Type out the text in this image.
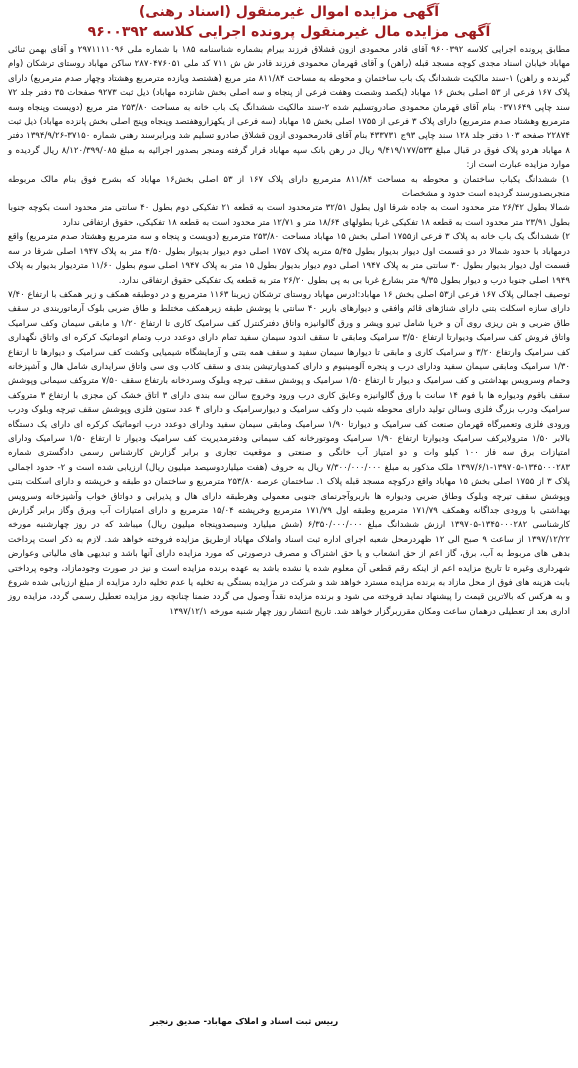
آگهی مزایده اموال غیرمنقول (اسناد رهنی)
آگهی مزایده مال غیرمنقول پرونده اجرایی کلاسه ۹۶۰۰۳۹۲

مطابق پرونده اجرایی کلاسه ۹۶۰۰۳۹۲ آقای قادر محمودی ازون قشلاق فرزند بیرام بشماره شناسنامه ۱۸۵ با شماره ملی ۲۹۷۱۱۱۱۰۹۶ و آقای بهمن ثنائی مهاباد خیابان اسناد مجدی کوچه مسجد قبله (راهن) و آقای قهرمان محمودی فرزند قادر ش ش ۷۱۱ کد ملی ۲۸۷۰۴۷۶۰۵۱ ساکن مهاباد روستای ترشکان (وام گیرنده و راهن) ۱-سند مالکیت ششدانگ یک باب ساختمان و محوطه به مساحت ۸۱۱/۸۴ متر مربع (هشتصد ویازده مترمربع وهشتاد وچهار صدم مترمربع) دارای پلاک ۱۶۷ فرعی از ۵۳ اصلی بخش ۱۶ مهاباد (یکصد وشصت وهفت فرعی از پنجاه و سه اصلی بخش شانزده مهاباد) ذیل ثبت ۹۲۷۳ صفحات ۳۵ دفتر جلد ۷۲ سند چاپی ۰۳۷۱۶۴۹ بنام آقای قهرمان محمودی صادروتسلیم شده ۲-سند مالکیت ششدانگ یک باب خانه به مساحت ۲۵۳/۸۰ متر مربع (دویست وپنجاه وسه مترمربع وهشتاد صدم مترمربع) دارای پلاک ۳ فرعی از ۱۷۵۵ اصلی بخش ۱۵ مهاباد (سه فرعی از یکهزاروهفتصد وپنجاه وپنج اصلی بخش پانزده مهاباد) ذیل ثبت ۲۲۸۷۴ صفحه ۱۰۳ دفتر جلد ۱۲۸ سند چاپی ۹۳ج ۴۳۳۷۳۱ بنام آقای قادرمحمودی ازون قشلاق صادرو تسلیم شد وبرابرسند رهنی شماره ۳۷۱۵۰-۱۳۹۴/۹/۲۶ دفتر ۸ مهاباد هردو پلاک فوق در قبال مبلغ ۹/۴۱۹/۱۷۷/۵۳۳ ریال در رهن بانک سپه مهاباد قرار گرفته ومنجر بصدور اجرائیه به مبلغ ۸/۱۲۰/۳۹۹/۰۸۵ ریال گردیده و موارد مزایده عبارت است از:

۱) ششدانگ یکباب ساختمان و محوطه به مساحت ۸۱۱/۸۴ مترمربع دارای پلاک ۱۶۷ از ۵۳ اصلی بخش۱۶ مهاباد که بشرح فوق بنام مالک مربوطه منجربصدورسند گردیده است حدود و مشخصات

شمالا بطول ۲۶/۴۲ متر محدود است به جاده شرقا اول بطول ۳۲/۵۱ مترمحدود است به قطعه ۲۱ تفکیکی دوم بطول ۴۰ سانتی متر محدود است بکوچه جنوبا بطول ۲۳/۹۱ متر محدود است به قطعه ۱۸ تفکیکی غربا بطولهای ۱۸/۶۴ متر و ۱۲/۷۱ متر محدود است به قطعه ۱۸ تفکیکی، حقوق ارتفاقی ندارد

۲) ششدانگ یک باب خانه به پلاک ۳ فرعی از۱۷۵۵ اصلی بخش ۱۵ مهاباد مساحت ۲۵۳/۸۰ مترمربع (دویست و پنجاه و سه مترمربع وهشتاد صدم مترمربع) واقع درمهاباد با حدود شمالا در دو قسمت اول دیوار بدیوار بطول ۵/۴۵ متربه پلاک ۱۷۵۷ اصلی دوم دیوار بدیوار بطول ۴/۵۰ متر به پلاک ۱۹۴۷ اصلی شرقا در سه قسمت اول دیوار بدیوار بطول ۳۰ سانتی متر به پلاک ۱۹۴۷ اصلی دوم دیوار بدیوار بطول ۱۵ متر به پلاک ۱۹۴۷ اصلی سوم بطول ۱۱/۶۰ متردیوار بدیوار به پلاک ۱۹۴۹ اصلی جنوبا درب و دیوار بطول ۹/۳۵ متر بشارع غربا بی به پی بطول ۲۶/۲۰ متر به قطعه یک تفکیکی حقوق ارتفاقی ندارد.

توصیف اجمالی پلاک ۱۶۷ فرعی از۵۳ اصلی بخش ۱۶ مهاباد:ادرس مهاباد روستای ترشکان زیربنا ۱۱۶۳ مترمربع و در دوطبقه همکف و زیر همکف با ارتفاع ۷/۴۰ دارای سازه اسکلت بتنی دارای شناژهای قائم وافقی و دیوارهای باربر ۴۰ سانتی با پوشش طبقه زیرهمکف مختلط و طاق ضربی بلوک آرماتوربندی در سقف طاق ضربی و بتن ریزی روی آن و خرپا شامل تیرو ویشر و ورق گالوانیزه واتاق دفترکنترل کف سرامیک کاری تا ارتفاع ۱/۲۰ و مابقی سیمان وکف سرامیک واتاق فروش کف سرامیک ودیوارتا ارتفاع ۳/۵۰ سرامیک ومابقی تا سقف اندود سیمان سفید تمام دارای دوعدد درب وتمام اتوماتیک کرکره ای واتاق نگهداری کف سرامیک وارتفاع ۳/۲۰ و سرامیک کاری و مابقی تا دیوارها سیمان سفید و سقف همه بتنی و آزمایشگاه شیمیایی وکشت کف سرامیک و دیوارها تا ارتفاع ۱/۳۰ سرامیک ومابقی سیمان سفید ودارای درب و پنجره آلومینیوم و دارای کمدوپارتیشن بندی و سقف کاذب وی سی واتاق سرایداری شامل هال و آشپزخانه وحمام وسرویس بهداشتی و کف سرامیک و دیوار تا ارتفاع ۱/۵۰ سرامیک و پوشش سقف تیرچه وبلوک وسردخانه بارتفاع سقف ۷/۵۰ متروکف سیمانی وپوشش سقف باقوم ودیواره ها با فوم ۱۴ سانت با ورق گالوانیزه وعایق کاری درب ورود وخروج سالن سه بندی دارای ۳ اتاق خشک کن مجزی با ارتفاع ۳ متروکف سرامیک ودرب بزرگ فلزی وسالن تولید دارای محوطه شیب دار وکف سرامیک و دیوارسرامیک و دارای ۴ عدد ستون فلزی وپوشش سقف تیرچه وبلوک ودرب ورودی فلزی وتعمیرگاه قهرمان صنعت کف سرامیک و دیوارتا ۱/۹۰ سرامیک ومابقی سیمان سفید ودارای دوعدد درب اتوماتیک کرکره ای دارای یک دستگاه بالابر ۱/۵۰ مترولایرکف سرامیک ودیوارتا ارتفاع ۱/۹۰ سرامیک وموتورخانه کف سیمانی ودفترمدیریت کف سرامیک ودیوار تا ارتفاع ۱/۵۰ سرامیک ودارای امتیازات برق سه فاز ۱۰۰ کیلو وات و دو امتیاز آب خانگی و صنعتی و موقعیت تجاری و برابر گزارش کارشناس رسمی دادگستری شماره ۱۳۴۵۰۰۰۲۸۳-۱۳۹۷۰۵-۱۳۹۷/۶/۱ ملک مذکور به مبلغ ۷/۳۰۰/۰۰۰/۰۰۰ ریال به حروف (هفت میلیاردوسیصد میلیون ریال) ارزیابی شده است و ۲- حدود اجمالی پلاک ۳ از ۱۷۵۵ اصلی بخش ۱۵ مهاباد واقع درکوچه مسجد قبله پلاک ۱. ساختمان عرصه ۲۵۳/۸۰ مترمربع و ساختمان دو طبقه و خرپشته و دارای اسکلت بتنی وپوشش سقف تیرچه وبلوک وطاق ضربی ودیواره ها باربروآجرنماى جنوبى معمولى وهرطبقه دارای هال و پذیرایی و دواتاق خواب وآشپزخانه وسرویس بهداشتی با ورودی جداگانه وهمکف ۱۷۱/۷۹ مترمربع وطبقه اول ۱۷۱/۷۹ مترمربع وخرپشته ۱۵/۰۴ مترمربع و دارای امتیازات آب وبرق وگاز برابر گزارش کارشناسی ۱۳۴۵۰۰۰۲۸۲-۱۳۹۷۰۵ ارزش ششدانگ مبلغ ۶/۳۵۰/۰۰۰/۰۰۰ (شش میلیارد وسیصدوپنجاه میلیون ریال) میباشد که در روز چهارشنبه مورخه ۱۳۹۷/۱۲/۲۲ از ساعت ۹ صبح الی ۱۲ ظهردرمحل شعبه اجرای اداره ثبت اسناد واملاک مهاباد ازطریق مزایده فروخته خواهد شد. لازم به ذکر است پرداخت بدهی های مربوط به آب، برق، گاز اعم از حق انشعاب و یا حق اشتراک و مصرف درصورتی که مورد مزایده دارای آنها باشد و تبدیهی های مالیاتی وعوارض شهرداری وغیره تا تاریخ مزایده اعم از اینکه رقم قطعی آن معلوم شده یا نشده باشد به عهده برنده مزایده است و نیز در صورت وجودمازاد، وجوه پرداختی بابت هزینه های فوق از محل مازاد به برنده مزایده مسترد خواهد شد و شرکت در مزایده بستگی به تخلیه یا عدم تخلیه دارد مزایده از مبلغ ارزیابی شده شروع و به هرکس که بالاترین قیمت را پیشنهاد نماید فروخته می شود و برنده مزایده نقداً وصول می گردد ضمنا چنانچه روز مزایده تعطیل رسمی گردد، مزایده روز اداری بعد از تعطیلی درهمان ساعت ومکان مقرربرگزار خواهد شد. تاریخ انتشار روز چهار شنبه مورخه ۱۳۹۷/۱۲/۱

رییس ثبت اسناد و املاک مهاباد- صدیق رنجبر
